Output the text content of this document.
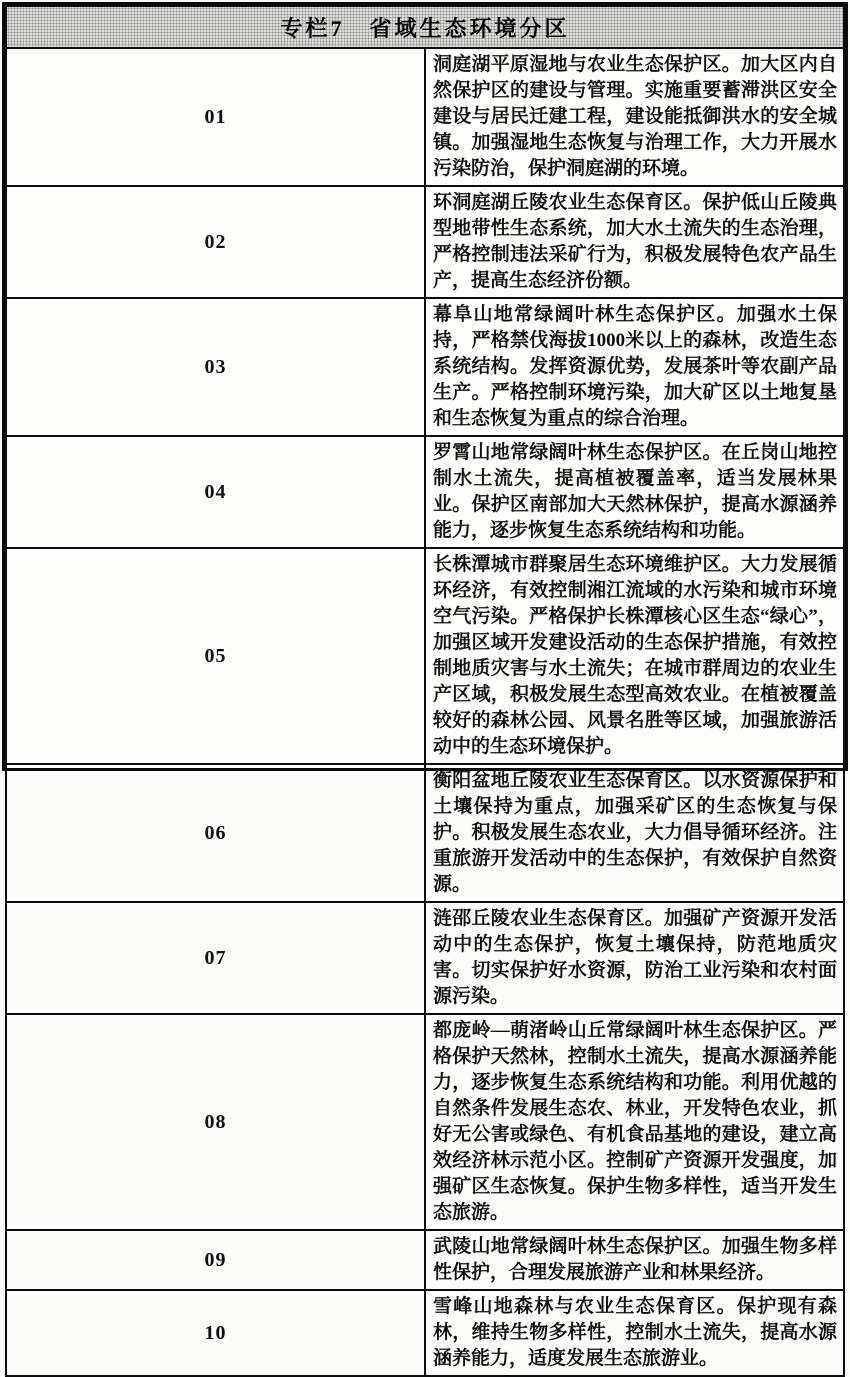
专栏7　省域生态环境分区	
01	洞庭湖平原湿地与农业生态保护区。加大区内自然保护区的建设与管理。实施重要蓄滞洪区安全建设与居民迁建工程，建设能抵御洪水的安全城镇。加强湿地生态恢复与治理工作，大力开展水污染防治，保护洞庭湖的环境。
02	环洞庭湖丘陵农业生态保育区。保护低山丘陵典型地带性生态系统，加大水土流失的生态治理，严格控制违法采矿行为，积极发展特色农产品生产，提高生态经济份额。
03	幕阜山地常绿阔叶林生态保护区。加强水土保持，严格禁伐海拔1000米以上的森林，改造生态系统结构。发挥资源优势，发展茶叶等农副产品生产。严格控制环境污染，加大矿区以土地复垦和生态恢复为重点的综合治理。
04	罗霄山地常绿阔叶林生态保护区。在丘岗山地控制水土流失，提高植被覆盖率，适当发展林果业。保护区南部加大天然林保护，提高水源涵养能力，逐步恢复生态系统结构和功能。
05	长株潭城市群聚居生态环境维护区。大力发展循环经济，有效控制湘江流域的水污染和城市环境空气污染。严格保护长株潭核心区生态“绿心”，加强区域开发建设活动的生态保护措施，有效控制地质灾害与水土流失；在城市群周边的农业生产区域，积极发展生态型高效农业。在植被覆盖较好的森林公园、风景名胜等区域，加强旅游活动中的生态环境保护。
06	衡阳盆地丘陵农业生态保育区。以水资源保护和土壤保持为重点，加强采矿区的生态恢复与保护。积极发展生态农业，大力倡导循环经济。注重旅游开发活动中的生态保护，有效保护自然资源。
07	涟邵丘陵农业生态保育区。加强矿产资源开发活动中的生态保护，恢复土壤保持，防范地质灾害。切实保护好水资源，防治工业污染和农村面源污染。
08	都庞岭—萌渚岭山丘常绿阔叶林生态保护区。严格保护天然林，控制水土流失，提高水源涵养能力，逐步恢复生态系统结构和功能。利用优越的自然条件发展生态农、林业，开发特色农业，抓好无公害或绿色、有机食品基地的建设，建立高效经济林示范小区。控制矿产资源开发强度，加强矿区生态恢复。保护生物多样性，适当开发生态旅游。
09	武陵山地常绿阔叶林生态保护区。加强生物多样性保护，合理发展旅游产业和林果经济。
10	雪峰山地森林与农业生态保育区。保护现有森林，维持生物多样性，控制水土流失，提高水源涵养能力，适度发展生态旅游业。
